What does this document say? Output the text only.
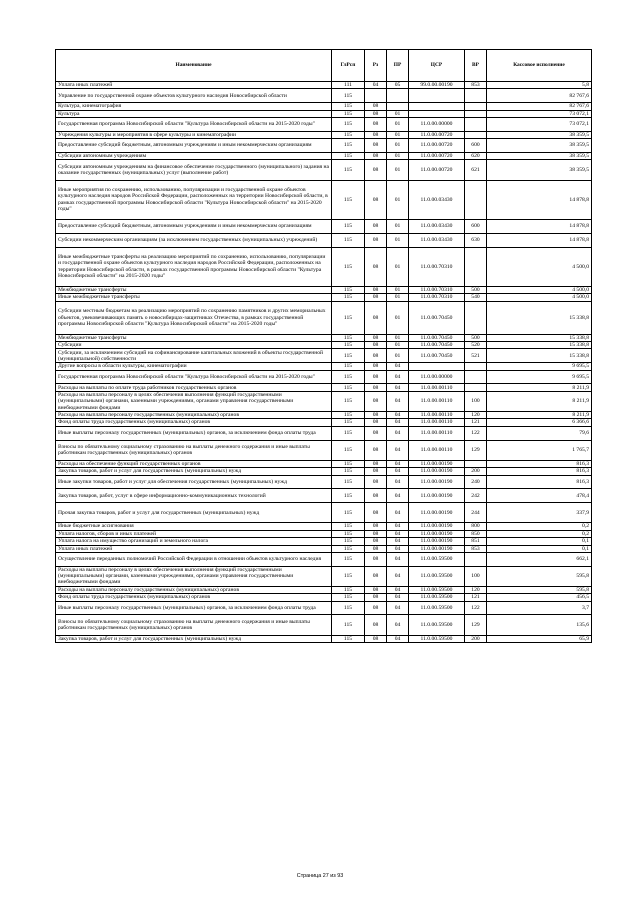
Наименование	ГлРсп	Рз	ПР	ЦСР	ВР	Кассовое исполнение
Уплата иных платежей	111	04	05	99.0.00.00190	853	5,8
Управление по государственной охране объектов культурного наследия Новосибирской области	115					82 767,6
Культура, кинематография	115	08				82 767,6
Культура	115	08	01			73 072,1
Государственная программа Новосибирской области "Культура Новосибирской области на 2015-2020 годы"	115	08	01	11.0.00.00000		73 072,1
Учреждения культуры и мероприятия в сфере культуры и кинематографии	115	08	01	11.0.00.00720		38 359,5
Предоставление субсидий бюджетным, автономным учреждениям и иным некоммерческим организациям	115	08	01	11.0.00.00720	600	38 359,5
Субсидии автономным учреждениям	115	08	01	11.0.00.00720	620	38 359,5
Субсидии автономным учреждениям на финансовое обеспечение государственного (муниципального) задания на оказание государственных (муниципальных) услуг (выполнение работ)	115	08	01	11.0.00.00720	621	38 359,5
Иные мероприятия по сохранению, использованию, популяризации и государственной охране объектов культурного наследия народов Российской Федерации, расположенных на территории Новосибирской области, в рамках государственной программы Новосибирской области "Культура Новосибирской области" на 2015-2020 годы"	115	08	01	11.0.00.03430		14 878,8
Предоставление субсидий бюджетным, автономным учреждениям и иным некоммерческим организациям	115	08	01	11.0.00.03430	600	14 878,8
Субсидии некоммерческим организациям (за исключением государственных (муниципальных) учреждений)	115	08	01	11.0.00.03430	630	14 878,8
Иные межбюджетные трансферты на реализацию мероприятий по сохранению, использованию, популяризации и государственной охране объектов культурного наследия народов Российской Федерации, расположенных на территории Новосибирской области, в рамках государственной программы Новосибирской области "Культура Новосибирской области" на 2015-2020 годы"	115	08	01	11.0.00.70310		4 500,0
Межбюджетные трансферты	115	08	01	11.0.00.70310	500	4 500,0
Иные межбюджетные трансферты	115	08	01	11.0.00.70310	540	4 500,0
Субсидии местным бюджетам на реализацию мероприятий по сохранению памятников и других мемориальных объектов, увековечивающих память о новосибирцах-защитниках Отечества, в рамках государственной программы Новосибирской области "Культура Новосибирской области" на 2015-2020 годы"	115	08	01	11.0.00.70450		15 338,8
Межбюджетные трансферты	115	08	01	11.0.00.70450	500	15 338,8
Субсидии	115	08	01	11.0.00.70450	520	15 338,8
Субсидии, за исключением субсидий на софинансирование капитальных вложений в объекты государственной (муниципальной) собственности	115	08	01	11.0.00.70450	521	15 338,8
Другие вопросы в области культуры, кинематографии	115	08	04			9 695,5
Государственная программа Новосибирской области "Культура Новосибирской области на 2015-2020 годы"	115	08	04	11.0.00.00000		9 695,5
Расходы на выплаты по оплате труда работников государственных органов	115	08	04	11.0.00.00110		8 211,9
Расходы на выплаты персоналу в целях обеспечения выполнения функций государственными (муниципальными) органами, казенными учреждениями, органами управления государственными внебюджетными фондами	115	08	04	11.0.00.00110	100	8 211,9
Расходы на выплаты персоналу государственных (муниципальных) органов	115	08	04	11.0.00.00110	120	8 211,9
Фонд оплаты труда государственных (муниципальных) органов	115	08	04	11.0.00.00110	121	6 366,6
Иные выплаты персоналу государственных (муниципальных) органов, за исключением фонда оплаты труда	115	08	04	11.0.00.00110	122	79,6
Взносы по обязательному социальному страхованию на выплаты денежного содержания и иные выплаты работникам государственных (муниципальных) органов	115	08	04	11.0.00.00110	129	1 765,7
Расходы на обеспечение функций государственных органов	115	08	04	11.0.00.00190		816,3
Закупка товаров, работ и услуг для государственных (муниципальных) нужд	115	08	04	11.0.00.00190	200	816,3
Иные закупки товаров, работ и услуг для обеспечения государственных (муниципальных) нужд	115	08	04	11.0.00.00190	240	816,3
Закупка товаров, работ, услуг в сфере информационно-коммуникационных технологий	115	08	04	11.0.00.00190	242	478,4
Прочая закупка товаров, работ и услуг для государственных (муниципальных) нужд	115	08	04	11.0.00.00190	244	337,9
Иные бюджетные ассигнования	115	08	04	11.0.00.00190	800	0,2
Уплата налогов, сборов и иных платежей	115	08	04	11.0.00.00190	850	0,2
Уплата налога на имущество организаций и земельного налога	115	08	04	11.0.00.00190	851	0,1
Уплата иных платежей	115	08	04	11.0.00.00190	853	0,1
Осуществление переданных полномочий Российской Федерации в отношении объектов культурного наследия	115	08	04	11.0.00.59500		662,1
Расходы на выплаты персоналу в целях обеспечения выполнения функций государственными (муниципальными) органами, казенными учреждениями, органами управления государственными внебюджетными фондами	115	08	04	11.0.00.59500	100	595,8
Расходы на выплаты персоналу государственных (муниципальных) органов	115	08	04	11.0.00.59500	120	595,8
Фонд оплаты труда государственных (муниципальных) органов	115	08	04	11.0.00.59500	121	456,5
Иные выплаты персоналу государственных (муниципальных) органов, за исключением фонда оплаты труда	115	08	04	11.0.00.59500	122	3,7
Взносы по обязательному социальному страхованию на выплаты денежного содержания и иные выплаты работникам государственных (муниципальных) органов	115	08	04	11.0.00.59500	129	135,6
Закупка товаров, работ и услуг для государственных (муниципальных) нужд	115	08	04	11.0.00.59500	200	65,9
Страница 27 из 93
